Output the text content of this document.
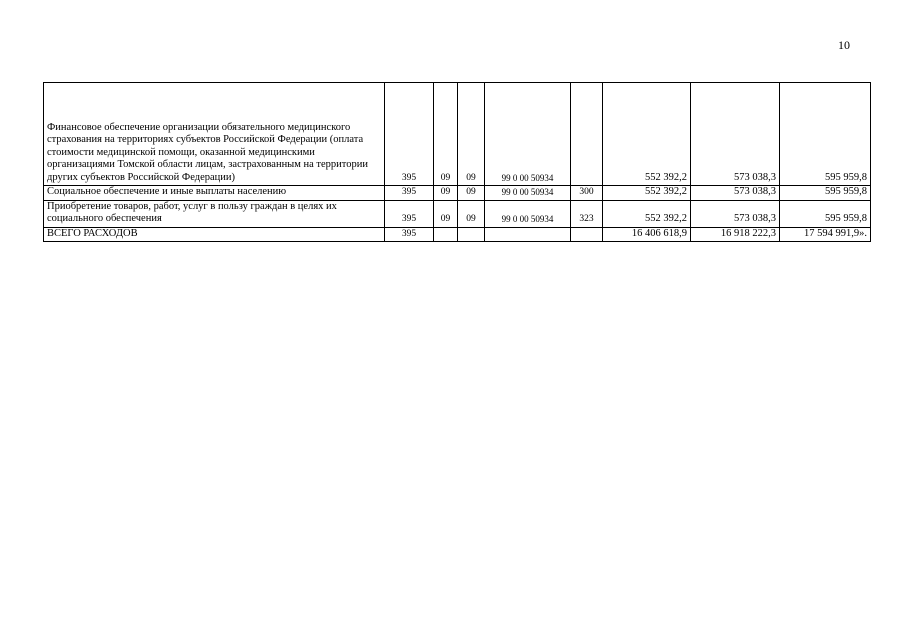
10
Финансовое обеспечение организации обязательного медицинского страхования на территориях субъектов Российской Федерации (оплата стоимости медицинской помощи, оказанной медицинскими организациями Томской области лицам, застрахованным на территории других субъектов Российской Федерации)	395	09	09	99 0 00 50934		552 392,2	573 038,3	595 959,8
Социальное обеспечение и иные выплаты населению	395	09	09	99 0 00 50934	300	552 392,2	573 038,3	595 959,8
Приобретение товаров, работ, услуг в пользу граждан в целях их социального обеспечения	395	09	09	99 0 00 50934	323	552 392,2	573 038,3	595 959,8
ВСЕГО РАСХОДОВ	395					16 406 618,9	16 918 222,3	17 594 991,9».
